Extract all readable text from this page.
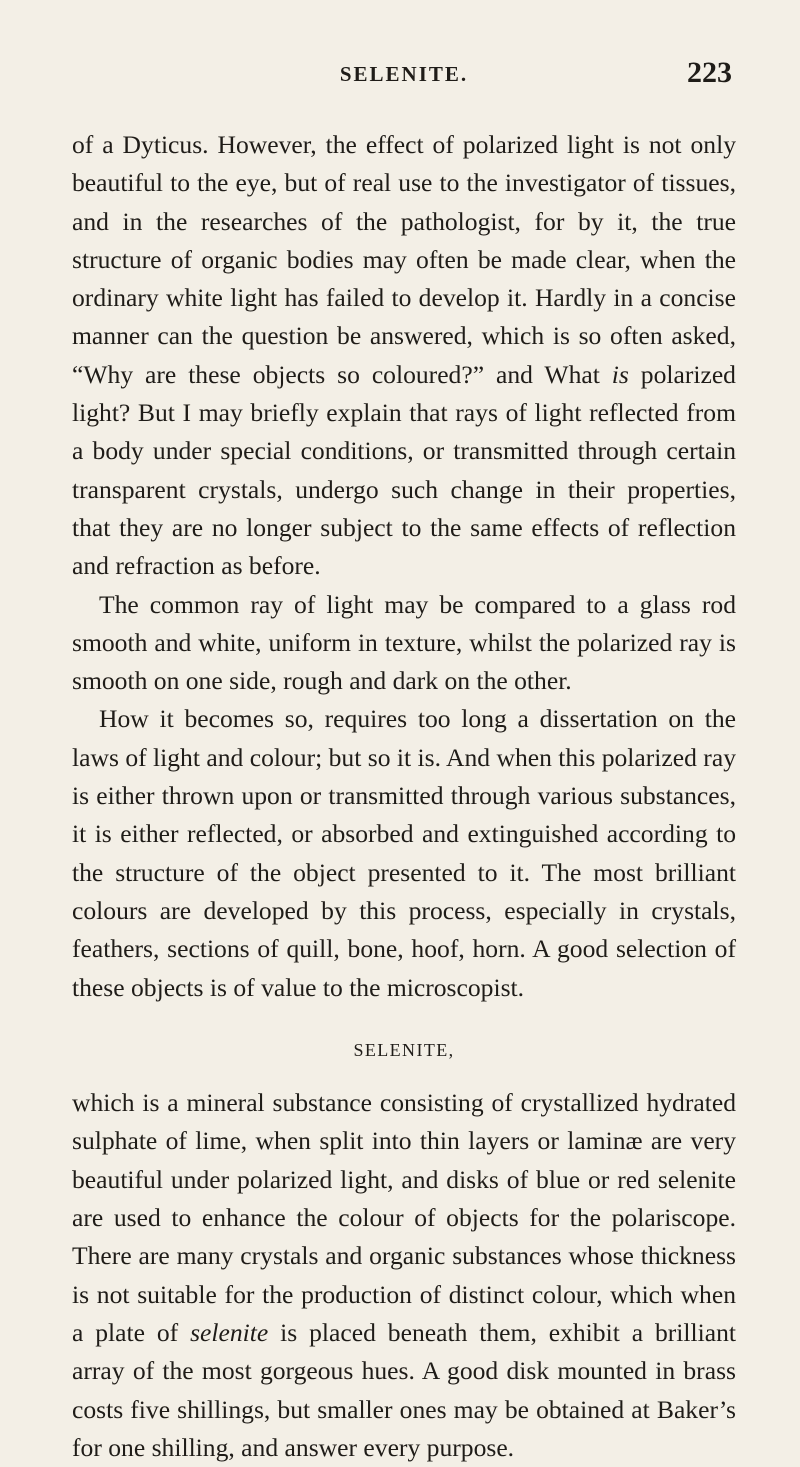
SELENITE.	223

of a Dyticus. However, the effect of polarized light is not only beautiful to the eye, but of real use to the investigator of tissues, and in the researches of the pathologist, for by it, the true structure of organic bodies may often be made clear, when the ordinary white light has failed to develop it. Hardly in a concise manner can the question be answered, which is so often asked, “Why are these objects so coloured?” and What is polarized light? But I may briefly explain that rays of light reflected from a body under special conditions, or transmitted through certain transparent crystals, undergo such change in their properties, that they are no longer subject to the same effects of reflection and refraction as before.

The common ray of light may be compared to a glass rod smooth and white, uniform in texture, whilst the polarized ray is smooth on one side, rough and dark on the other.

How it becomes so, requires too long a dissertation on the laws of light and colour; but so it is. And when this polarized ray is either thrown upon or transmitted through various substances, it is either reflected, or absorbed and extinguished according to the structure of the object presented to it. The most brilliant colours are developed by this process, especially in crystals, feathers, sections of quill, bone, hoof, horn. A good selection of these objects is of value to the microscopist.

SELENITE,

which is a mineral substance consisting of crystallized hydrated sulphate of lime, when split into thin layers or laminæ are very beautiful under polarized light, and disks of blue or red selenite are used to enhance the colour of objects for the polariscope. There are many crystals and organic substances whose thickness is not suitable for the production of distinct colour, which when a plate of selenite is placed beneath them, exhibit a brilliant array of the most gorgeous hues. A good disk mounted in brass costs five shillings, but smaller ones may be obtained at Baker’s for one shilling, and answer every purpose.
